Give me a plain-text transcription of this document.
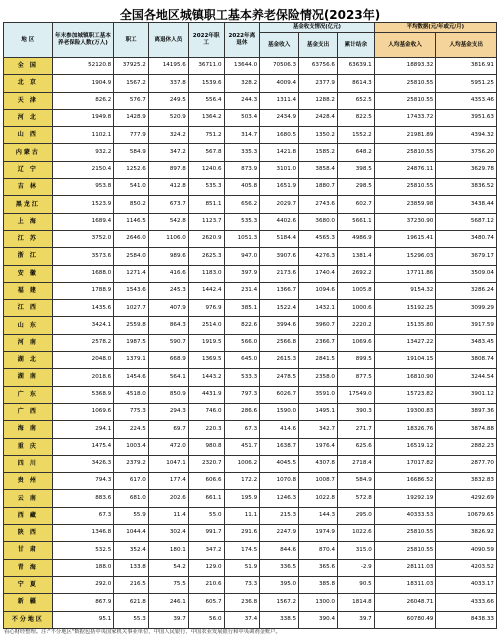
全国各地区城镇职工基本养老保险情况(2023年)
地 区	年末参加城镇职工基本养老保险人数(万人)	职工	离退休人员	2022年职工	2022年离退休	基金收支情况(亿元)			平均数据(元/年或元/月)	
						基金收入	基金支出	累计结余	人均基金收入	人均基金支出
全 国	52120.8	37925.2	14195.6	36711.0	13644.0	70506.3	63756.6	63639.1	18893.32	3816.91
北 京	1904.9	1567.2	337.8	1539.6	328.2	4009.4	2377.9	8614.3	25810.55	5951.25
天 津	826.2	576.7	249.5	556.4	244.3	1311.4	1288.2	652.5	25810.55	4353.46
河 北	1949.8	1428.9	520.9	1364.2	503.4	2434.9	2428.4	822.5	17433.72	3951.63
山 西	1102.1	777.9	324.2	751.2	314.7	1680.5	1350.2	1552.2	21981.89	4394.32
内蒙古	932.2	584.9	347.2	567.8	335.3	1421.8	1585.2	648.2	25810.55	3756.20
辽 宁	2150.4	1252.6	897.8	1240.6	873.9	3101.0	3858.4	398.5	24876.11	3629.78
吉 林	953.8	541.0	412.8	535.3	405.8	1651.9	1880.7	298.5	25810.55	3836.52
黑龙江	1523.9	850.2	673.7	851.1	656.2	2029.7	2743.6	602.7	23859.98	3438.44
上 海	1689.4	1146.5	542.8	1123.7	535.3	4402.6	3680.0	5661.1	37230.90	5687.12
江 苏	3752.0	2646.0	1106.0	2620.9	1051.3	5184.4	4565.3	4986.9	19615.41	3480.74
浙 江	3573.6	2584.0	989.6	2625.3	947.0	3907.6	4276.3	1381.4	15296.03	3679.17
安 徽	1688.0	1271.4	416.6	1183.0	397.9	2173.6	1740.4	2692.2	17711.86	3509.04
福 建	1788.9	1543.6	245.3	1442.4	231.4	1366.7	1094.6	1005.8	9154.32	3286.24
江 西	1435.6	1027.7	407.9	976.9	385.1	1522.4	1432.1	1000.6	15192.25	3099.29
山 东	3424.1	2559.8	864.3	2514.0	822.6	3994.6	3960.7	2220.2	15135.80	3917.59
河 南	2578.2	1987.5	590.7	1919.5	566.0	2566.8	2366.7	1069.6	13427.22	3483.45
湖 北	2048.0	1379.1	668.9	1369.5	645.0	2615.3	2841.5	899.5	19104.15	3808.74
湖 南	2018.6	1454.6	564.1	1443.2	533.3	2478.5	2358.0	877.5	16810.90	3244.54
广 东	5368.9	4518.0	850.9	4431.9	797.3	6026.7	3591.0	17549.0	15723.82	3901.12
广 西	1069.6	775.3	294.3	746.0	286.6	1590.0	1495.1	390.3	19300.83	3897.36
海 南	294.1	224.5	69.7	220.3	67.3	414.6	342.7	271.7	18326.76	3874.88
重 庆	1475.4	1003.4	472.0	980.8	451.7	1638.7	1976.4	625.6	16519.12	2882.23
四 川	3426.3	2379.2	1047.1	2320.7	1006.2	4045.5	4307.8	2718.4	17017.82	2877.70
贵 州	794.3	617.0	177.4	606.6	172.2	1070.8	1008.7	584.9	16686.52	3832.83
云 南	883.6	681.0	202.6	661.1	195.9	1246.3	1022.8	572.8	19292.19	4292.69
西 藏	67.3	55.9	11.4	55.0	11.1	215.3	144.3	295.0	40333.53	10679.65
陕 西	1346.8	1044.4	302.4	991.7	291.6	2247.9	1974.9	1022.6	25810.55	3826.92
甘 肃	532.5	352.4	180.1	347.2	174.5	844.6	870.4	315.0	25810.55	4090.59
青 海	188.0	133.8	54.2	129.0	51.9	336.5	365.6	-2.9	28111.03	4203.52
宁 夏	292.0	216.5	75.5	210.6	73.3	395.0	385.8	90.5	18311.03	4033.17
新 疆	867.9	621.8	246.1	605.7	236.8	1567.2	1300.0	1814.8	26048.71	4333.66
不分地区	95.1	55.3	39.7	56.0	37.4	338.5	390.4	39.7	60780.49	8438.33
看心财经整理。注:"不分地区"数据包括中央国家机关事业单位、中国人民银行、中国农业发展银行和中央调剂金账户。
